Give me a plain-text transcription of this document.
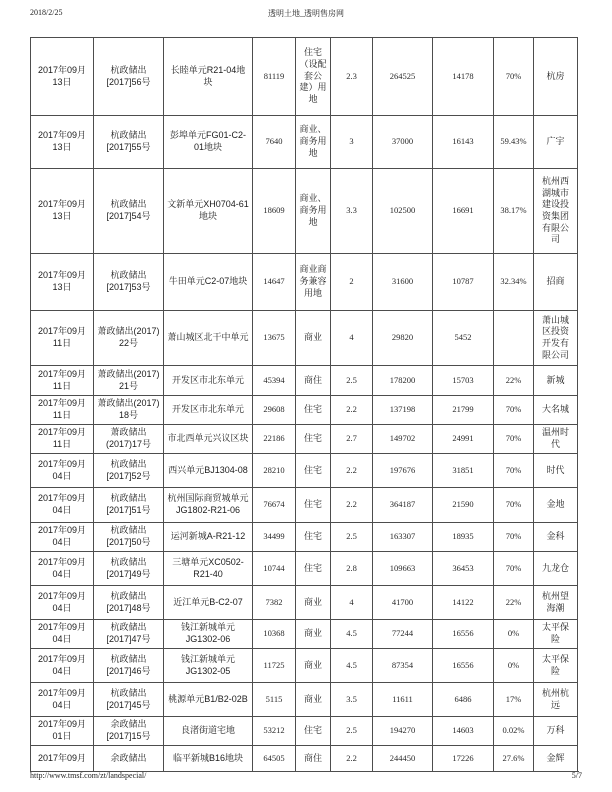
2018/2/25	透明土地_透明售房网
2017年09月13日	杭政储出[2017]56号	长睦单元R21-04地块	81119	住宅（设配套公建）用地	2.3	264525	14178	70%	杭房
2017年09月13日	杭政储出[2017]55号	彭埠单元FG01-C2-01地块	7640	商业、商务用地	3	37000	16143	59.43%	广宇
2017年09月13日	杭政储出[2017]54号	文新单元XH0704-61地块	18609	商业、商务用地	3.3	102500	16691	38.17%	杭州西湖城市建设投资集团有限公司
2017年09月13日	杭政储出[2017]53号	牛田单元C2-07地块	14647	商业商务兼容用地	2	31600	10787	32.34%	招商
2017年09月11日	萧政储出(2017) 22号	萧山城区北干中单元	13675	商业	4	29820	5452		萧山城区投资开发有限公司
2017年09月11日	萧政储出(2017) 21号	开发区市北东单元	45394	商住	2.5	178200	15703	22%	新城
2017年09月11日	萧政储出(2017) 18号	开发区市北东单元	29608	住宅	2.2	137198	21799	70%	大名城
2017年09月11日	萧政储出(2017)17号	市北西单元兴议区块	22186	住宅	2.7	149702	24991	70%	温州时代
2017年09月04日	杭政储出[2017]52号	西兴单元BJ1304-08	28210	住宅	2.2	197676	31851	70%	时代
2017年09月04日	杭政储出[2017]51号	杭州国际商贸城单元JG1802-R21-06	76674	住宅	2.2	364187	21590	70%	金地
2017年09月04日	杭政储出[2017]50号	运河新城A-R21-12	34499	住宅	2.5	163307	18935	70%	金科
2017年09月04日	杭政储出[2017]49号	三塘单元XC0502-R21-40	10744	住宅	2.8	109663	36453	70%	九龙仓
2017年09月04日	杭政储出[2017]48号	近江单元B-C2-07	7382	商业	4	41700	14122	22%	杭州望海潮
2017年09月04日	杭政储出[2017]47号	钱江新城单元JG1302-06	10368	商业	4.5	77244	16556	0%	太平保险
2017年09月04日	杭政储出[2017]46号	钱江新城单元JG1302-05	11725	商业	4.5	87354	16556	0%	太平保险
2017年09月04日	杭政储出[2017]45号	桃源单元B1/B2-02B	5115	商业	3.5	11611	6486	17%	杭州杭远
2017年09月01日	余政储出[2017]15号	良渚街道宅地	53212	住宅	2.5	194270	14603	0.02%	万科
2017年09月	余政储出	临平新城B16地块	64505	商住	2.2	244450	17226	27.6%	金辉
http://www.tmsf.com/zt/landspecial/	5/7
